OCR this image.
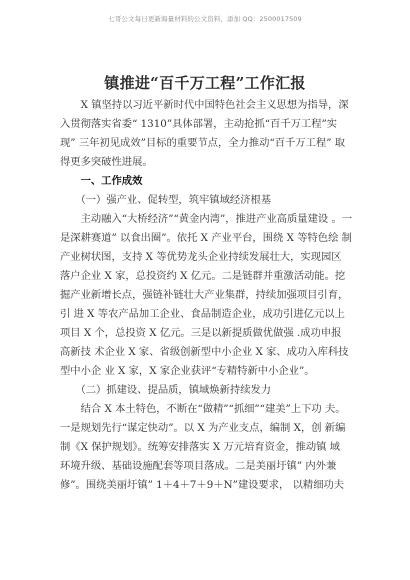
七哥公文每日更新海量材料的公文资料，添加 QQ：2500017509
镇推进“百千万工程”工作汇报
　　X 镇坚持以习近平新时代中国特色社会主义思想为指导，深
入贯彻落实省委“ 1310”具体部署，主动抢抓“百千万工程”实
现” 三年初见成效”目标的重要节点，全力推动“百千万工程” 取
得更多突破性进展。
　　一、工作成效
　　（一）强产业、促转型，筑牢镇域经济根基
　　主动融入“大桥经济”“黄金内湾”，推进产业高质量建设 。一
是深耕赛道” 以食出圈”。依托 X 产业平台，围绕 X 等特色绘 制
产业树状图，支持 X 等优势龙头企业持续发展壮大，实现园区
落户企业 X 家，总投资约 X 亿元。二是链群并重激活动能。挖
掘产业新增长点，强链补链壮大产业集群，持续加强项目引育，
引 进 X 等农产品加工企业、食品制造企业，成功引进亿元以上
项目 X 个，总投资 X 亿元。三是以新提质做优做强 .成功申报
高新技 术企业 X 家、省级创新型中小企业 X 家、成功入库科技
型中小企 业 X 家，X 家企业获评“专精特新中小企业”。
　　（二）抓建设、提品质，镇域焕新持续发力
　　结合 X 本土特色，不断在“做精”“抓细”“建美”上下功 夫。
一是规划先行“谋定快动”。以 X 为产业支点，编制 X，创 新编
制《X 保护规划》。统筹安排落实 X 万元培育资金，推动镇 域
环境升级、基础设施配套等项目落成。二是美丽圩镇” 内外兼
修”。围绕美丽圩镇” 1＋4＋7＋9＋N”建设要求， 以精细功夫
